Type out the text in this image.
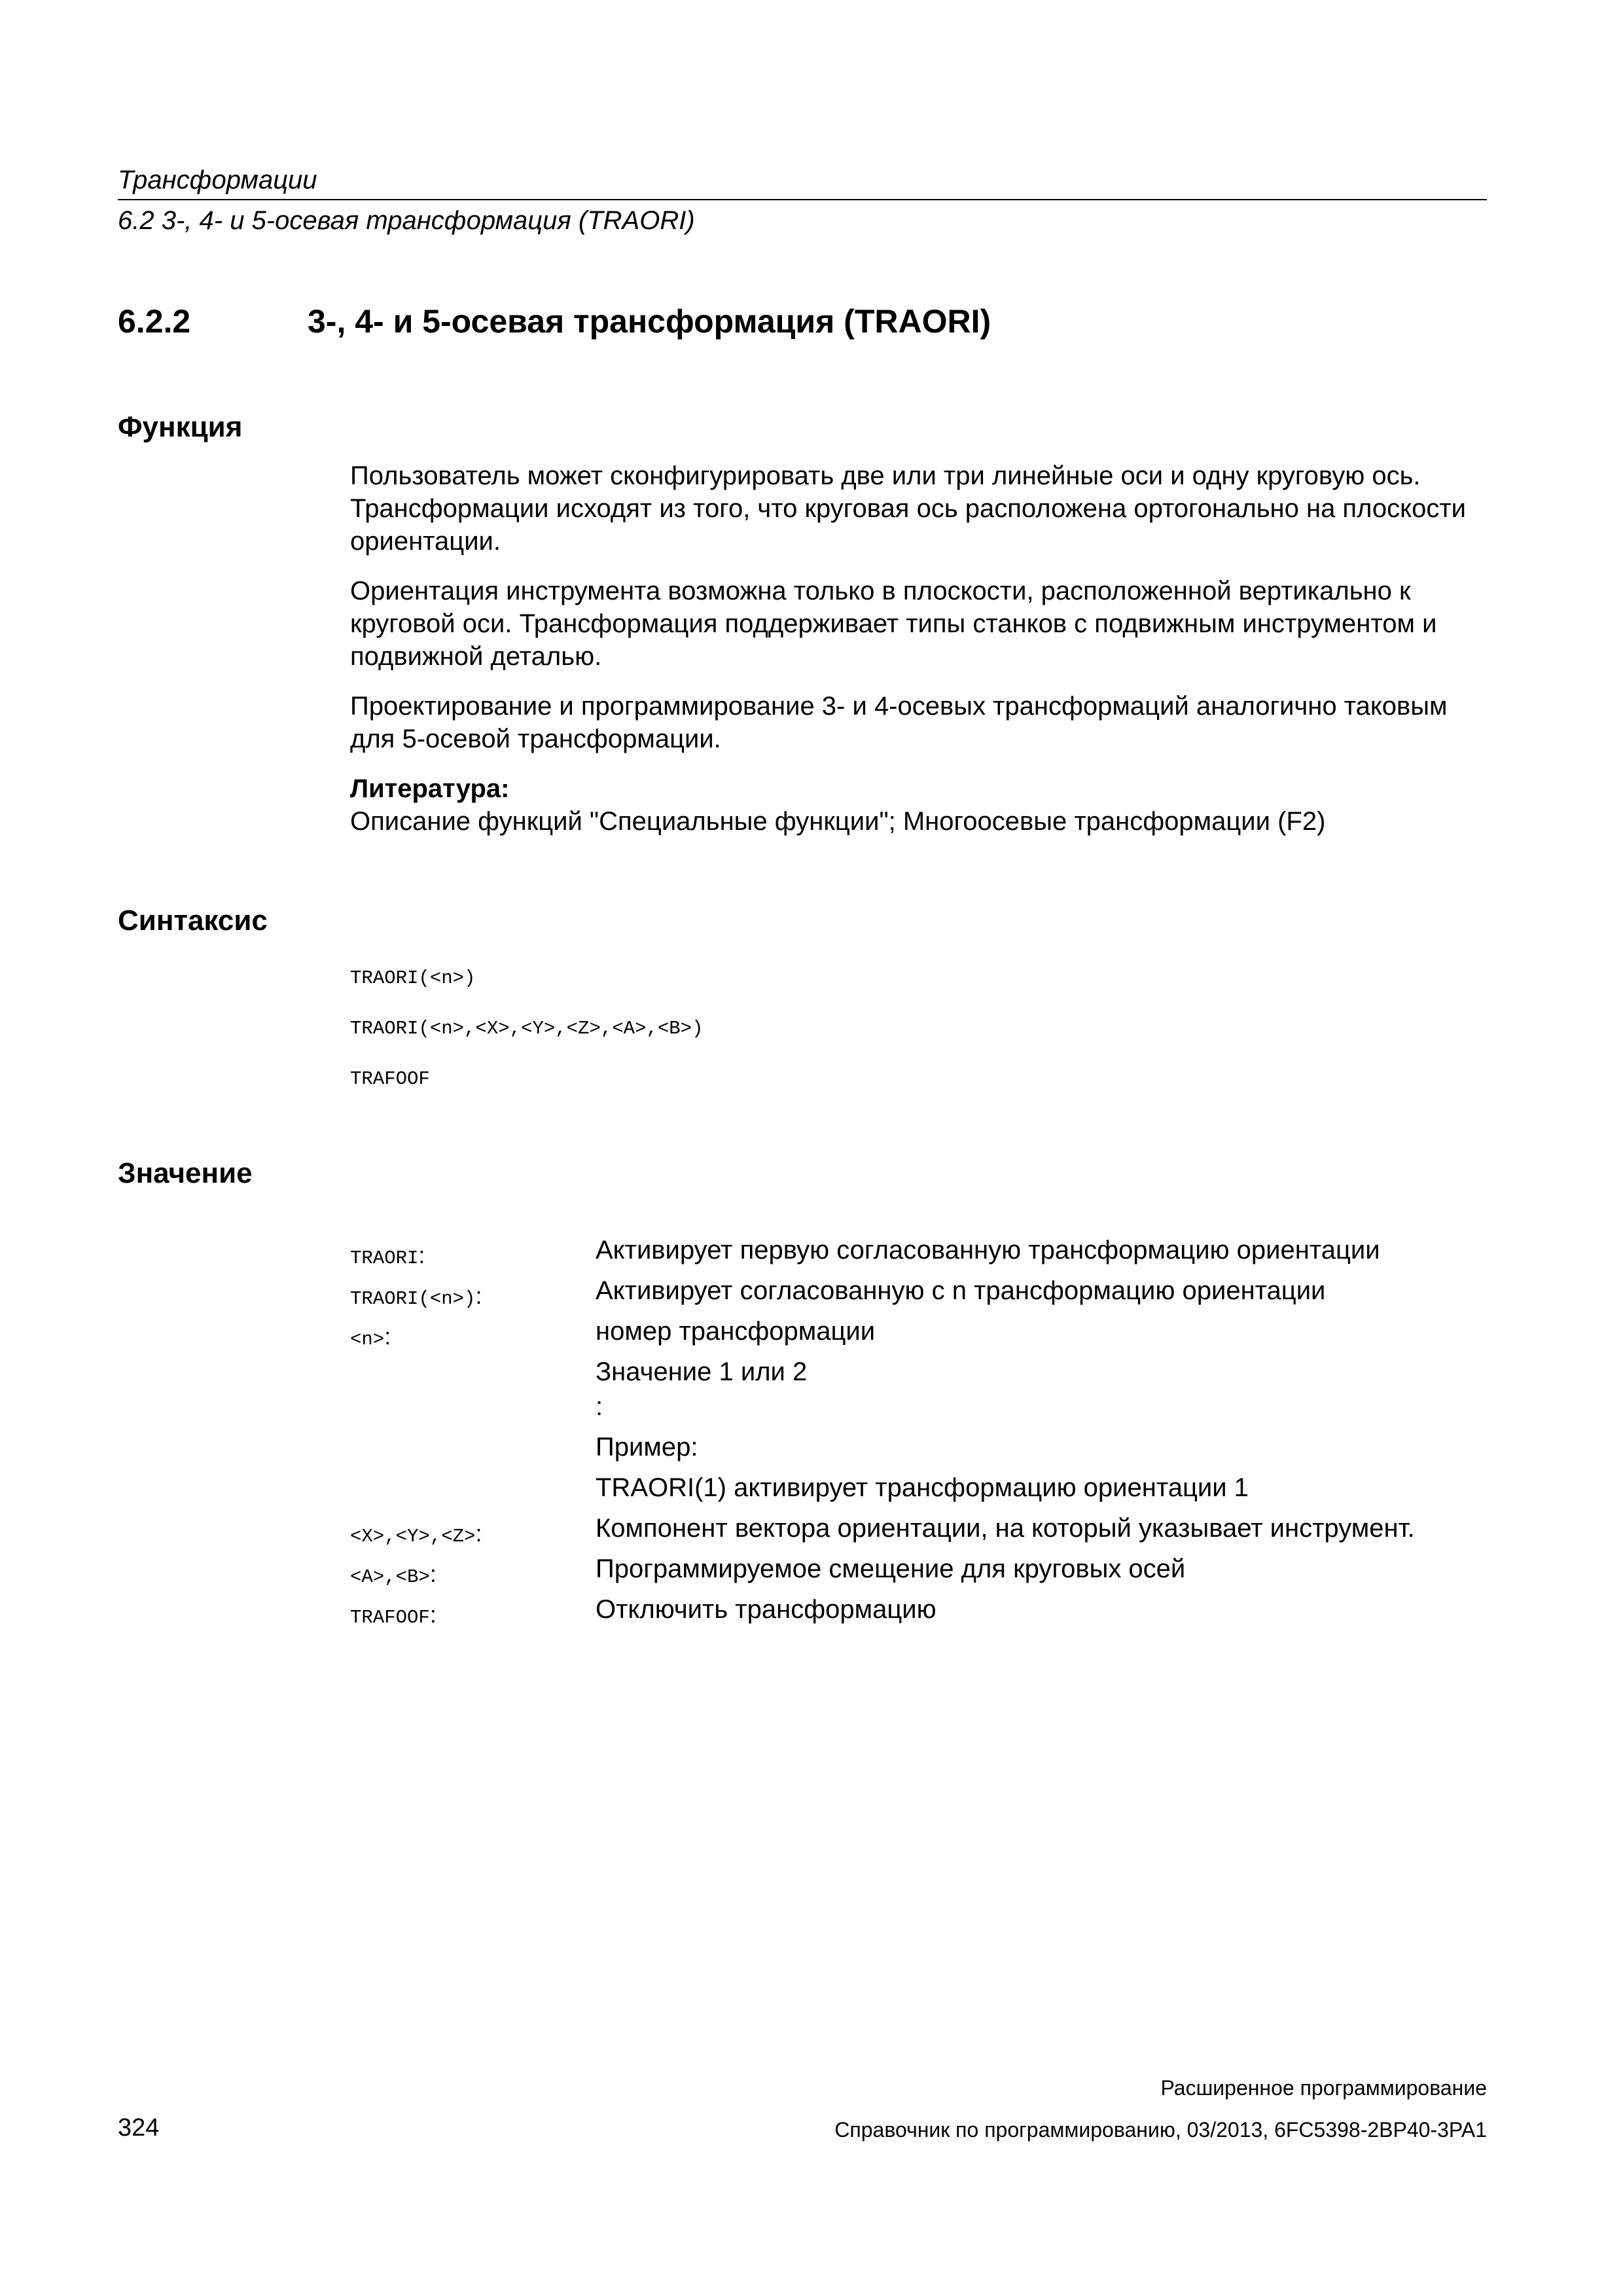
Трансформации
6.2 3-, 4- и 5-осевая трансформация (TRAORI)
6.2.2	3-, 4- и 5-осевая трансформация (TRAORI)
Функция

Пользователь может сконфигурировать две или три линейные оси и одну круговую ось. Трансформации исходят из того, что круговая ось расположена ортогонально на плоскости ориентации.

Ориентация инструмента возможна только в плоскости, расположенной вертикально к круговой оси. Трансформация поддерживает типы станков с подвижным инструментом и подвижной деталью.

Проектирование и программирование 3- и 4-осевых трансформаций аналогично таковым для 5-осевой трансформации.

Литература:
Описание функций "Специальные функции"; Многоосевые трансформации (F2)
Синтаксис
TRAORI(<n>)
TRAORI(<n>,<X>,<Y>,<Z>,<A>,<B>)
TRAFOOF
Значение
TRAORI:	Активирует первую согласованную трансформацию ориентации
TRAORI(<n>):	Активирует согласованную с n трансформацию ориентации
<n>:	номер трансформации
Значение 1 или 2
:
Пример:
TRAORI(1) активирует трансформацию ориентации 1
<X>,<Y>,<Z>:	Компонент вектора ориентации, на который указывает инструмент.
<A>,<B>:	Программируемое смещение для круговых осей
TRAFOOF:	Отключить трансформацию
Расширенное программирование
324	Справочник по программированию, 03/2013, 6FC5398-2BP40-3PA1
